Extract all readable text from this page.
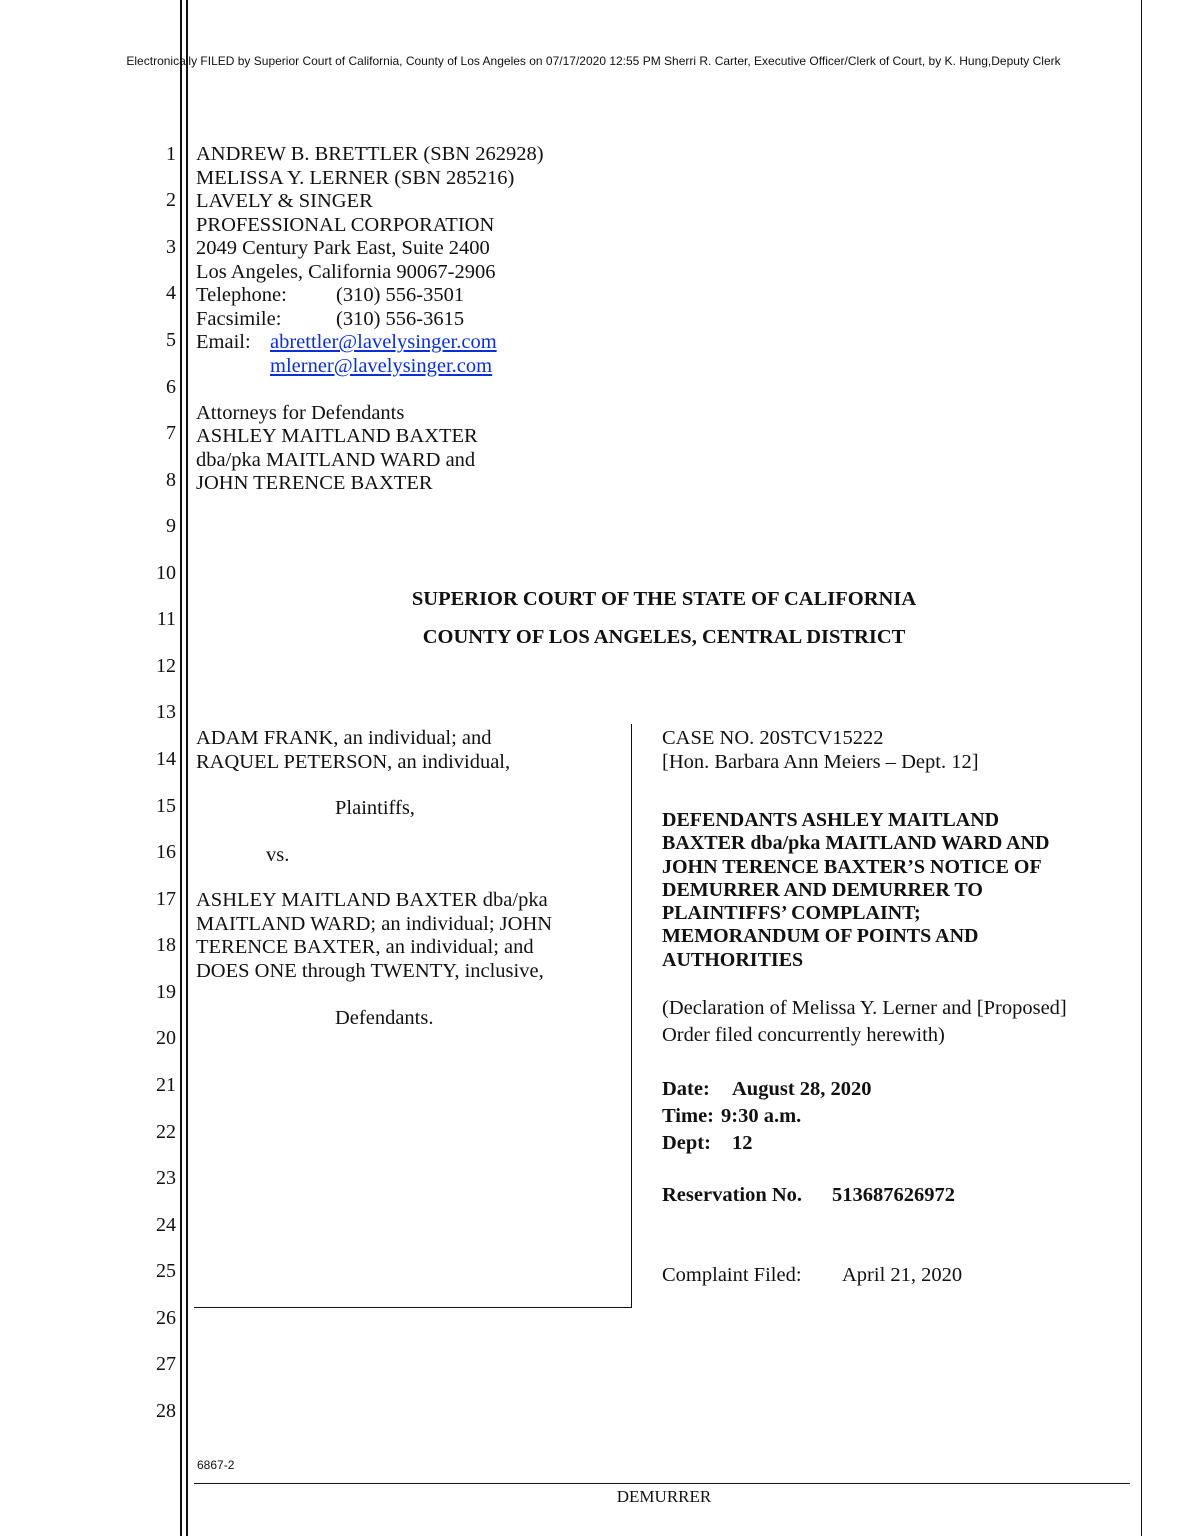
Electronically FILED by Superior Court of California, County of Los Angeles on 07/17/2020 12:55 PM Sherri R. Carter, Executive Officer/Clerk of Court, by K. Hung,Deputy Clerk
1
2
3
4
5
6
7
8
9
10
11
12
13
14
15
16
17
18
19
20
21
22
23
24
25
26
27
28
ANDREW B. BRETTLER (SBN 262928)
MELISSA Y. LERNER (SBN 285216)
LAVELY & SINGER
PROFESSIONAL CORPORATION
2049 Century Park East, Suite 2400
Los Angeles, California 90067-2906
Telephone: (310) 556-3501
Facsimile:	(310) 556-3615
Email: abrettler@lavelysinger.com
mlerner@lavelysinger.com
Attorneys for Defendants
ASHLEY MAITLAND BAXTER
dba/pka MAITLAND WARD and
JOHN TERENCE BAXTER
SUPERIOR COURT OF THE STATE OF CALIFORNIA
COUNTY OF LOS ANGELES, CENTRAL DISTRICT
ADAM FRANK, an individual; and
RAQUEL PETERSON, an individual,
Plaintiffs,
vs.
ASHLEY MAITLAND BAXTER dba/pka
MAITLAND WARD; an individual; JOHN
TERENCE BAXTER, an individual; and
DOES ONE through TWENTY, inclusive,
Defendants.
CASE NO. 20STCV15222
[Hon. Barbara Ann Meiers – Dept. 12]
DEFENDANTS ASHLEY MAITLAND
BAXTER dba/pka MAITLAND WARD AND
JOHN TERENCE BAXTER’S NOTICE OF
DEMURRER AND DEMURRER TO
PLAINTIFFS’ COMPLAINT;
MEMORANDUM OF POINTS AND
AUTHORITIES
(Declaration of Melissa Y. Lerner and [Proposed]
Order filed concurrently herewith)
Date: August 28, 2020
Time: 9:30 a.m.
Dept: 12
Reservation No. 513687626972
Complaint Filed: April 21, 2020
6867-2
DEMURRER
